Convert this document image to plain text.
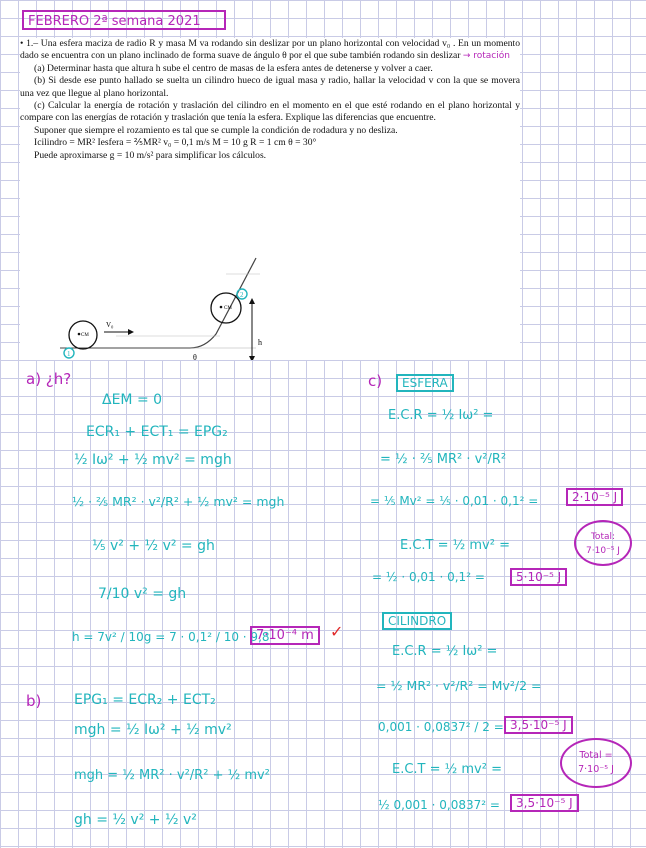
FEBRERO 2ª semana 2021

• 1.– Una esfera maciza de radio R y masa M va rodando sin deslizar por un plano horizontal con velocidad v₀ . En un momento dado se encuentra con un plano inclinado de forma suave de ángulo θ por el que sube también rodando sin deslizar → rotación

(a) Determinar hasta que altura h sube el centro de masas de la esfera antes de detenerse y volver a caer.

(b) Si desde ese punto hallado se suelta un cilindro hueco de igual masa y radio, hallar la velocidad v con la que se movera una vez que llegue al plano horizontal.

(c) Calcular la energía de rotación y traslación del cilindro en el momento en el que esté rodando en el plano horizontal y compare con las energías de rotación y traslación que tenía la esfera. Explique las diferencias que encuentre.

Suponer que siempre el rozamiento es tal que se cumple la condición de rodadura y no desliza.

Icilindro = MR² Iesfera = ⅖MR² v₀ = 0,1 m/s M = 10 g R = 1 cm θ = 30°

Puede aproximarse g = 10 m/s² para simplificar los cálculos.

CM
V₀
CM
h
θ
1
2
a) ¿h?
ΔEM = 0
ECR₁ + ECT₁ = EPG₂
½ Iω² + ½ mv² = mgh
½ · ⅖ MR² · v²/R² + ½ mv² = mgh
⅕ v² + ½ v² = gh
7/10 v² = gh
h = 7v² / 10g = 7 · 0,1² / 10 · 9,8
7·10⁻⁴ m	✓
b) EPG₁ = ECR₂ + ECT₂
mgh = ½ Iω² + ½ mv²
mgh = ½ MR² · v²/R² + ½ mv²
gh = ½ v² + ½ v²
c)	ESFERA
E.C.R = ½ Iω² =
= ½ · ⅖ MR² · v²/R²
= ⅕ Mv² = ⅕ · 0,01 · 0,1² =	2·10⁻⁵ J
Total:
7·10⁻⁵ J
E.C.T = ½ mv² =
= ½ · 0,01 · 0,1² =	5·10⁻⁵ J
CILINDRO
E.C.R = ½ Iω² =
= ½ MR² · v²/R² = Mv²/2 =
0,001 · 0,0837² / 2 = 3,5·10⁻⁵ J
Total =
7·10⁻⁵ J
E.C.T = ½ mv² =
½ 0,001 · 0,0837² =	3,5·10⁻⁵ J
